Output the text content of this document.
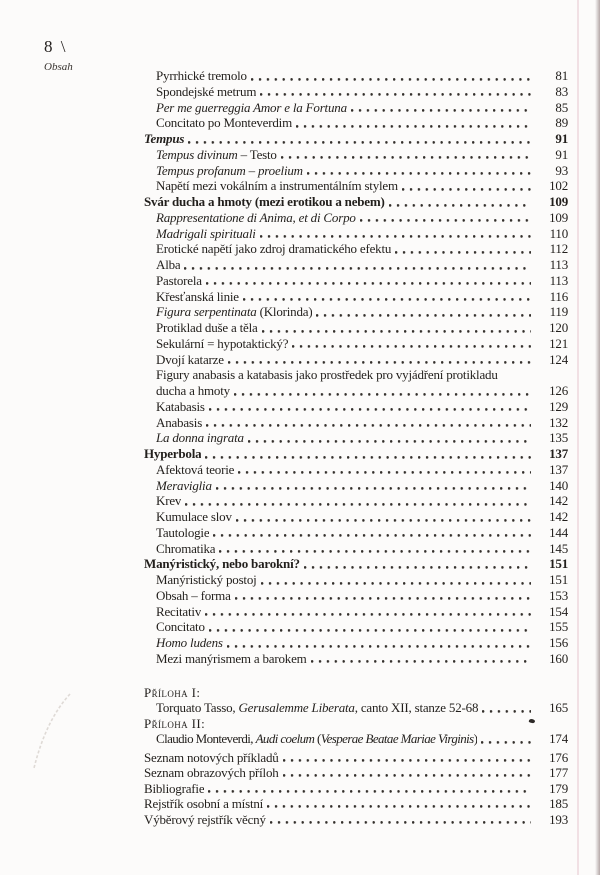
8 \
Obsah
Pyrrhické tremolo	81
Spondejské metrum	83
Per me guerreggia Amor e la Fortuna	85
Concitato po Monteverdim	89
Tempus	91
Tempus divinum – Testo	91
Tempus profanum – proelium	93
Napětí mezi vokálním a instrumentálním stylem	102
Svár ducha a hmoty (mezi erotikou a nebem)	109
Rappresentatione di Anima, et di Corpo	109
Madrigali spirituali	110
Erotické napětí jako zdroj dramatického efektu	112
Alba	113
Pastorela	113
Křesťanská linie	116
Figura serpentinata (Klorinda)	119
Protiklad duše a těla	120
Sekulární = hypotaktický?	121
Dvojí katarze	124
Figury anabasis a katabasis jako prostředek pro vyjádření protikladu
ducha a hmoty	126
Katabasis	129
Anabasis	132
La donna ingrata	135
Hyperbola	137
Afektová teorie	137
Meraviglia	140
Krev	142
Kumulace slov	142
Tautologie	144
Chromatika	145
Manýristický, nebo barokní?	151
Manýristický postoj	151
Obsah – forma	153
Recitativ	154
Concitato	155
Homo ludens	156
Mezi manýrismem a barokem	160
Příloha I:
Torquato Tasso, Gerusalemme Liberata, canto XII, stanze 52-68	165
Příloha II:
Claudio Monteverdi, Audi coelum (Vesperae Beatae Mariae Virginis)	174
Seznam notových příkladů	176
Seznam obrazových příloh	177
Bibliografie	179
Rejstřík osobní a místní	185
Výběrový rejstřík věcný	193
